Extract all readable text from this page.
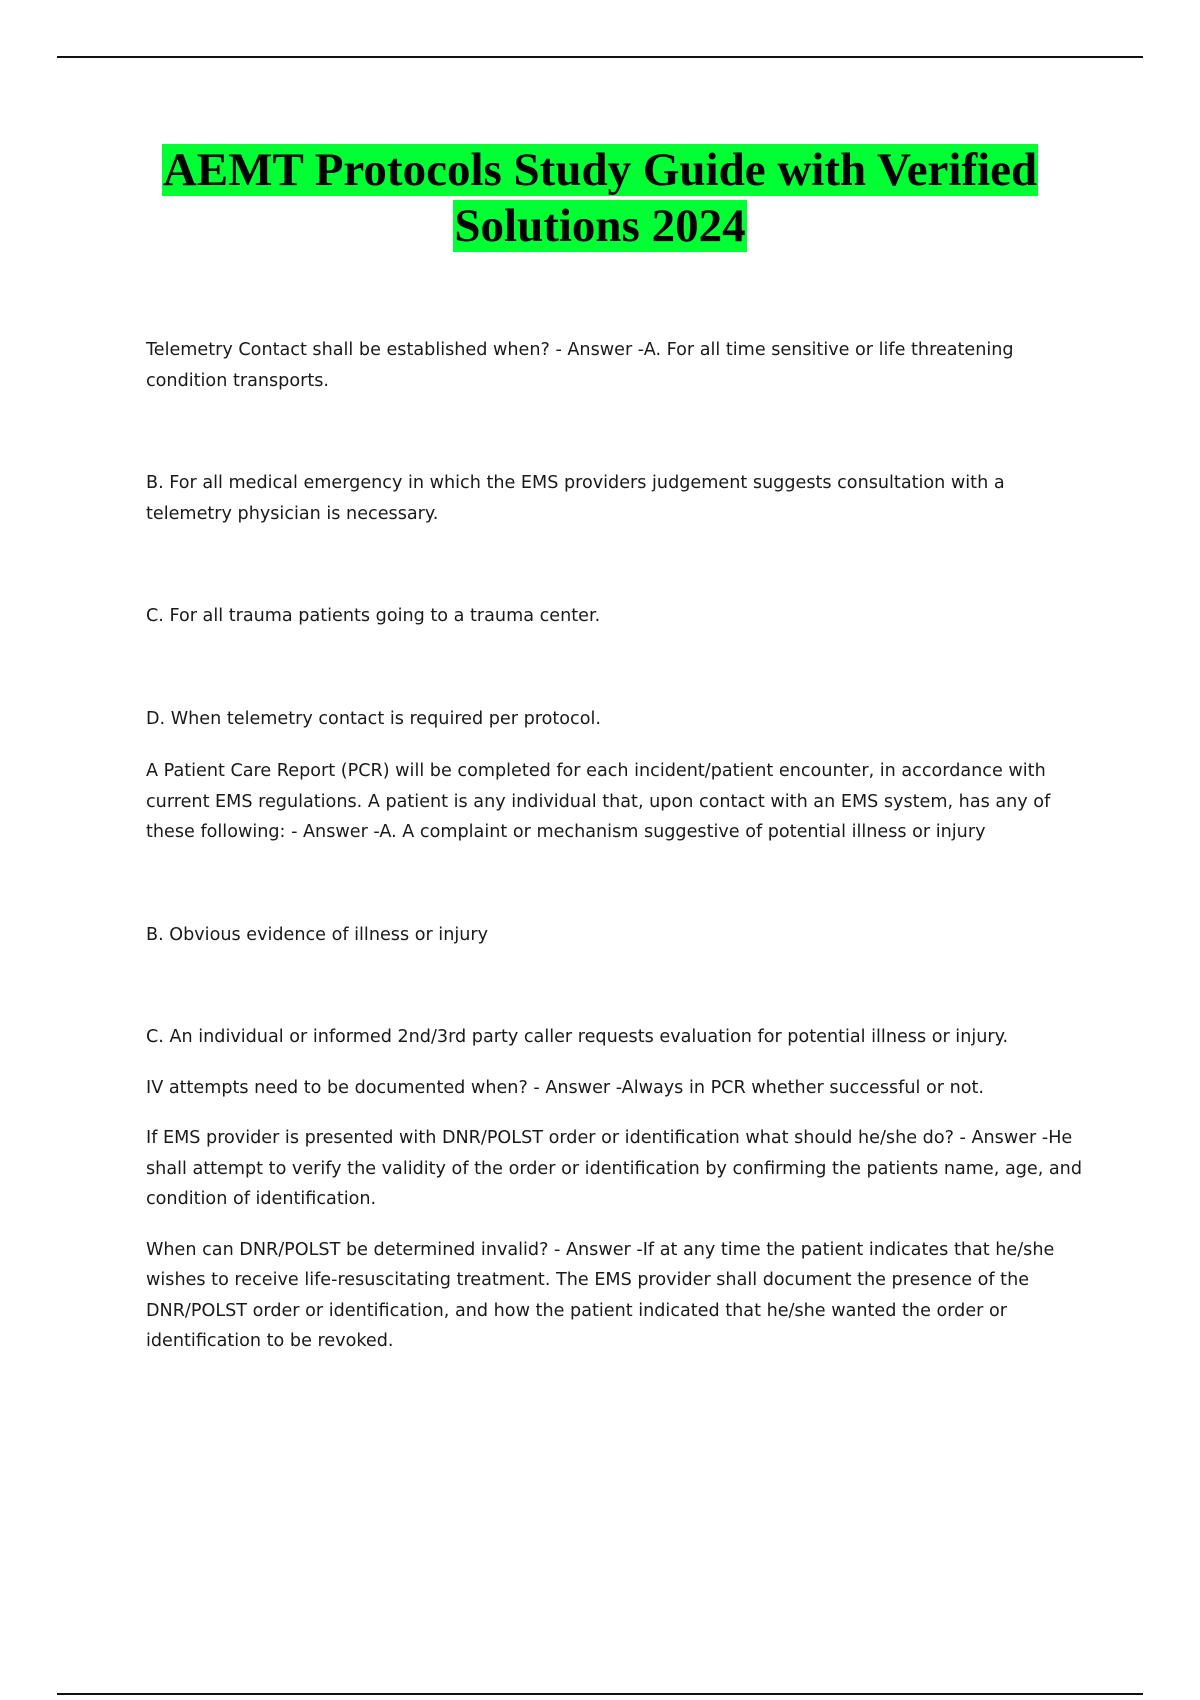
AEMT Protocols Study Guide with Verified
Solutions 2024

Telemetry Contact shall be established when? - Answer -A. For all time sensitive or life threatening condition transports.

B. For all medical emergency in which the EMS providers judgement suggests consultation with a telemetry physician is necessary.

C. For all trauma patients going to a trauma center.

D. When telemetry contact is required per protocol.

A Patient Care Report (PCR) will be completed for each incident/patient encounter, in accordance with current EMS regulations. A patient is any individual that, upon contact with an EMS system, has any of these following: - Answer -A. A complaint or mechanism suggestive of potential illness or injury

B. Obvious evidence of illness or injury

C. An individual or informed 2nd/3rd party caller requests evaluation for potential illness or injury.

IV attempts need to be documented when? - Answer -Always in PCR whether successful or not.

If EMS provider is presented with DNR/POLST order or identification what should he/she do? - Answer -He shall attempt to verify the validity of the order or identification by confirming the patients name, age, and condition of identification.

When can DNR/POLST be determined invalid? - Answer -If at any time the patient indicates that he/she wishes to receive life-resuscitating treatment. The EMS provider shall document the presence of the DNR/POLST order or identification, and how the patient indicated that he/she wanted the order or identification to be revoked.
